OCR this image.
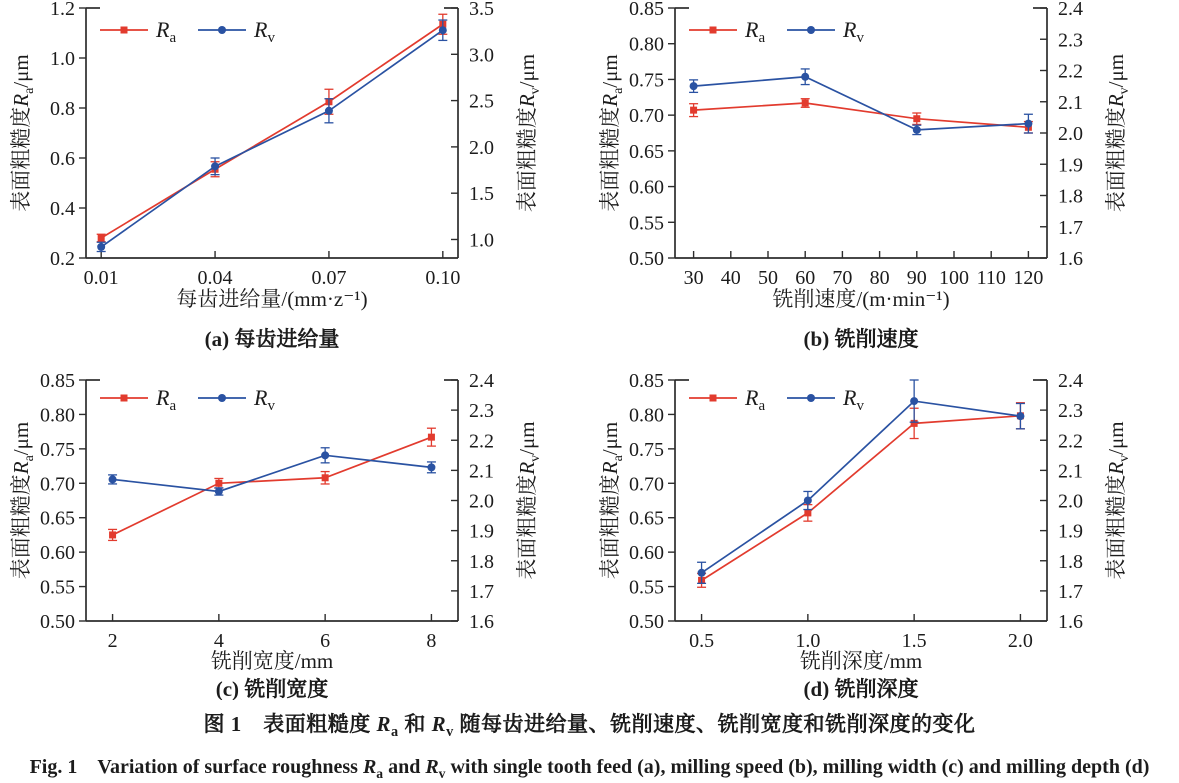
0.2
0.4
0.6
0.8
1.0
1.2
1.0
1.5
2.0
2.5
3.0
3.5
0.01	0.04	0.07	0.10
表面粗糙度$R_a/\mu m$
表面粗糙度$R_v/\mu m$
每齿进给量/(mm·z⁻¹)
(a) 每齿进给量
$R_a$	$R_v$
0.50
0.55
0.60
0.65
0.70
0.75
0.80
0.85
1.6
1.7
1.8
1.9
2.0
2.1
2.2
2.3
2.4
30 40 50 60 70 80 90 100 110 120
表面粗糙度$R_a/\mu m$
表面粗糙度$R_v/\mu m$
铣削速度/(m·min⁻¹)
(b) 铣削速度
$R_a$	$R_v$
0.50
0.55
0.60
0.65
0.70
0.75
0.80
0.85
1.6
1.7
1.8
1.9
2.0
2.1
2.2
2.3
2.4
2	4	6	8
表面粗糙度$R_a/\mu m$
表面粗糙度$R_v/\mu m$
铣削宽度/mm
(c) 铣削宽度
$R_a$	$R_v$
0.50
0.55
0.60
0.65
0.70
0.75
0.80
0.85
1.6
1.7
1.8
1.9
2.0
2.1
2.2
2.3
2.4
0.5	1.0	1.5	2.0
表面粗糙度$R_a/\mu m$
表面粗糙度$R_v/\mu m$
铣削深度/mm
(d) 铣削深度
$R_a$	$R_v$
图 1　表面粗糙度 $R_a$ 和 $R_v$ 随每齿进给量、铣削速度、铣削宽度和铣削深度的变化
Fig. 1　Variation of surface roughness $R_a$ and $R_v$ with single tooth feed (a), milling speed (b), milling width (c) and milling depth (d)
